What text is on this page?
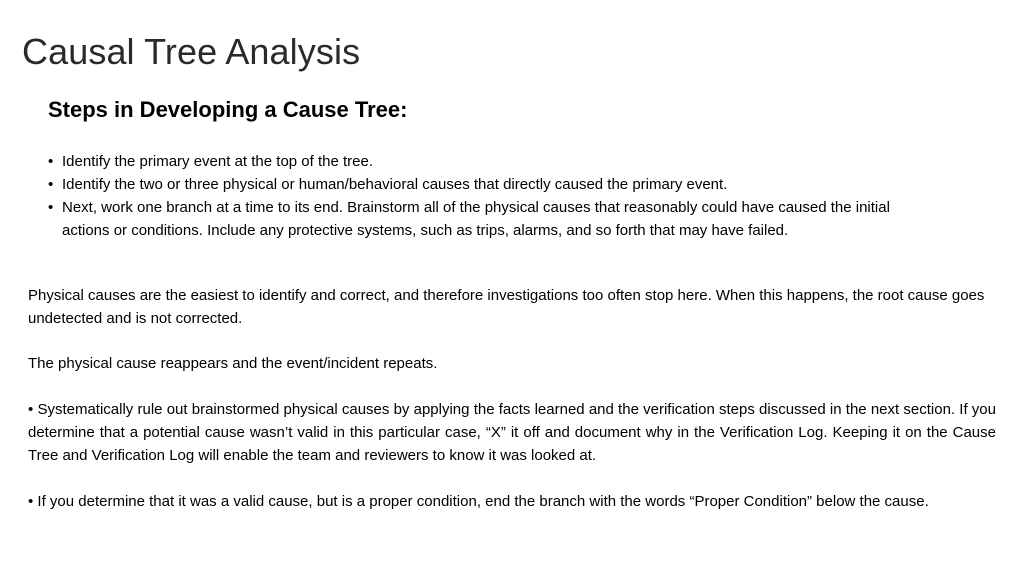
Causal Tree Analysis
Steps in Developing a Cause Tree:
• Identify the primary event at the top of the tree.
• Identify the two or three physical or human/behavioral causes that directly caused the primary event.
• Next, work one branch at a time to its end. Brainstorm all of the physical causes that reasonably could have caused the initial actions or conditions. Include any protective systems, such as trips, alarms, and so forth that may have failed.

Physical causes are the easiest to identify and correct, and therefore investigations too often stop here. When this happens, the root cause goes undetected and is not corrected.

The physical cause reappears and the event/incident repeats.

• Systematically rule out brainstormed physical causes by applying the facts learned and the verification steps discussed in the next section. If you determine that a potential cause wasn’t valid in this particular case, “X” it off and document why in the Verification Log. Keeping it on the Cause Tree and Verification Log will enable the team and reviewers to know it was looked at.

• If you determine that it was a valid cause, but is a proper condition, end the branch with the words “Proper Condition” below the cause.
